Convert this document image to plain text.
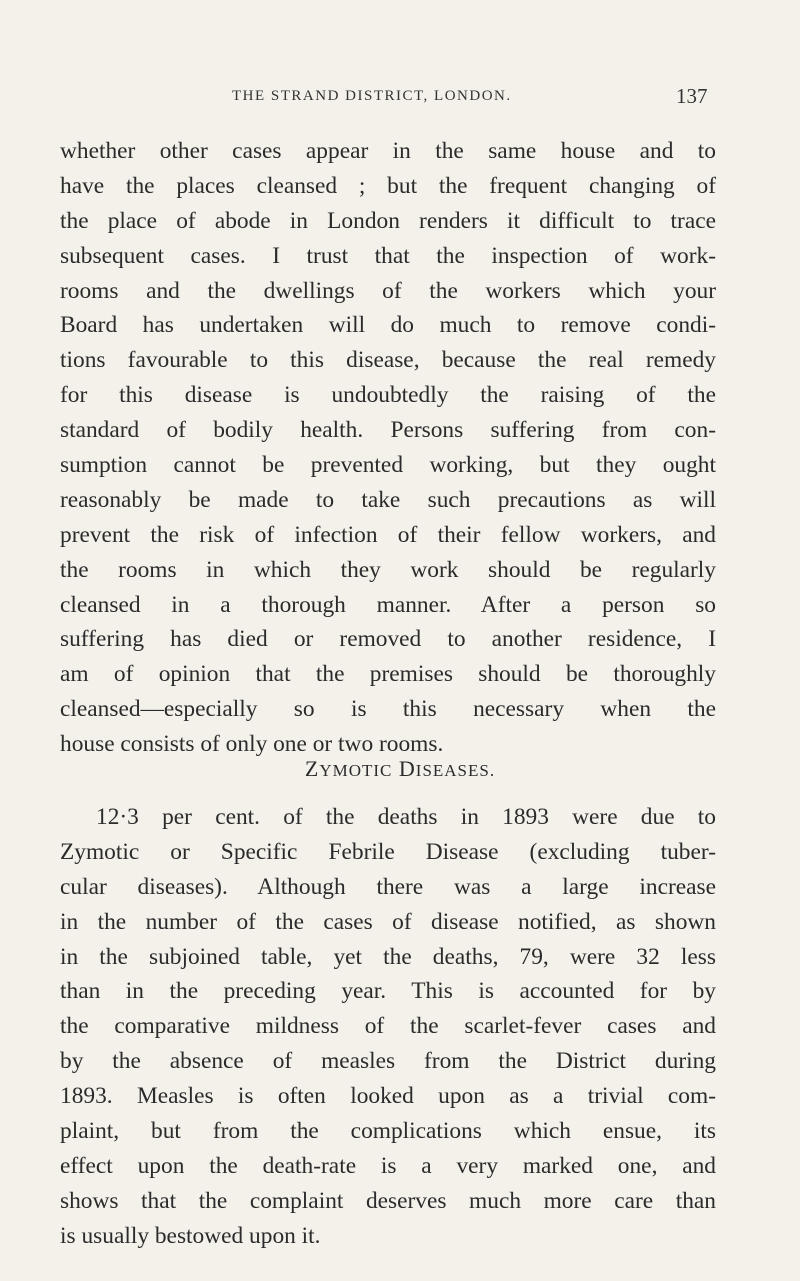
THE STRAND DISTRICT, LONDON.	137
whether other cases appear in the same house and to
have the places cleansed ; but the frequent changing of
the place of abode in London renders it difficult to trace
subsequent cases. I trust that the inspection of work-
rooms and the dwellings of the workers which your
Board has undertaken will do much to remove condi-
tions favourable to this disease, because the real remedy
for this disease is undoubtedly the raising of the
standard of bodily health. Persons suffering from con-
sumption cannot be prevented working, but they ought
reasonably be made to take such precautions as will
prevent the risk of infection of their fellow workers, and
the rooms in which they work should be regularly
cleansed in a thorough manner. After a person so
suffering has died or removed to another residence, I
am of opinion that the premises should be thoroughly
cleansed—especially so is this necessary when the
house consists of only one or two rooms.
ZYMOTIC DISEASES.
12·3 per cent. of the deaths in 1893 were due to
Zymotic or Specific Febrile Disease (excluding tuber-
cular diseases). Although there was a large increase
in the number of the cases of disease notified, as shown
in the subjoined table, yet the deaths, 79, were 32 less
than in the preceding year. This is accounted for by
the comparative mildness of the scarlet-fever cases and
by the absence of measles from the District during
1893. Measles is often looked upon as a trivial com-
plaint, but from the complications which ensue, its
effect upon the death-rate is a very marked one, and
shows that the complaint deserves much more care than
is usually bestowed upon it.
